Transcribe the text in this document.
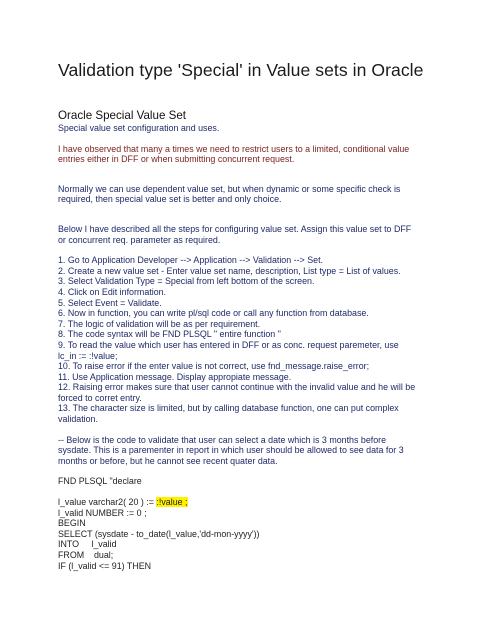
Validation type 'Special' in Value sets in Oracle
Oracle Special Value Set
Special value set configuration and uses.
I have observed that many a times we need to restrict users to a limited, conditional value
entries either in DFF or when submitting concurrent request.
Normally we can use dependent value set, but when dynamic or some specific check is
required, then special value set is better and only choice.
Below I have described all the steps for configuring value set. Assign this value set to DFF
or concurrent req. parameter as required.
1. Go to Application Developer --> Application --> Validation --> Set.
2. Create a new value set - Enter value set name, description, List type = List of values.
3. Select Validation Type = Special from left bottom of the screen.
4. Click on Edit information.
5. Select Event = Validate.
6. Now in function, you can write pl/sql code or call any function from database.
7. The logic of validation will be as per requirement.
8. The code syntax will be FND PLSQL " entire function "
9. To read the value which user has entered in DFF or as conc. request paremeter, use
lc_in := :!value;
10. To raise error if the enter value is not correct, use fnd_message.raise_error;
11. Use Application message. Display appropiate message.
12. Raising error makes sure that user cannot continue with the invalid value and he will be
forced to corret entry.
13. The character size is limited, but by calling database function, one can put complex
validation.
-- Below is the code to validate that user can select a date which is 3 months before
sysdate. This is a parementer in report in which user should be allowed to see data for 3
months or before, but he cannot see recent quater data.
FND PLSQL "declare
l_value varchar2( 20 ) := :!value ;
l_valid NUMBER := 0 ;
BEGIN
SELECT (sysdate - to_date(l_value,'dd-mon-yyyy'))
INTO     l_valid
FROM    dual;
IF (l_valid <= 91) THEN
